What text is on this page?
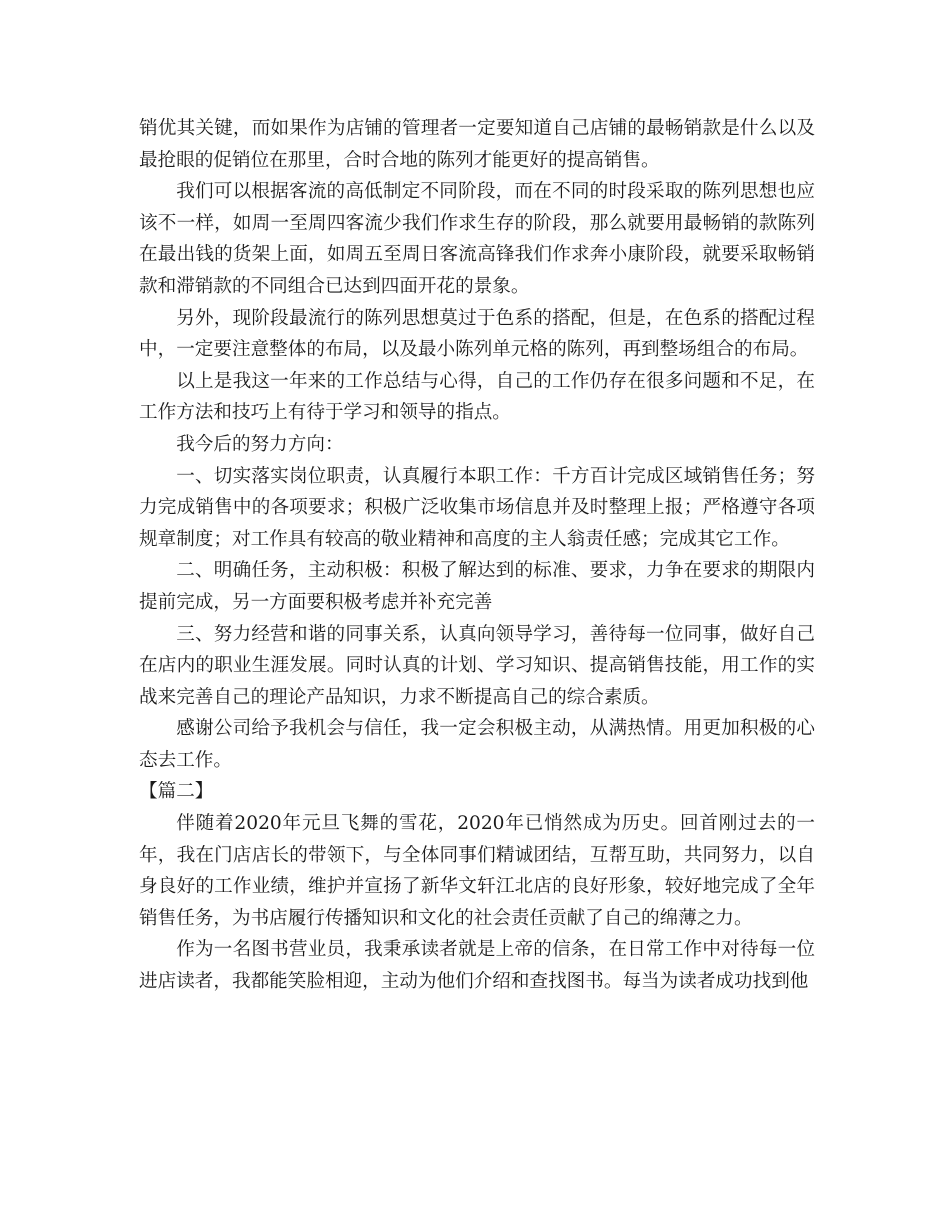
销优其关键，而如果作为店铺的管理者一定要知道自己店铺的最畅销款是什么以及最抢眼的促销位在那里，合时合地的陈列才能更好的提高销售。

我们可以根据客流的高低制定不同阶段，而在不同的时段采取的陈列思想也应该不一样，如周一至周四客流少我们作求生存的阶段，那么就要用最畅销的款陈列在最出钱的货架上面，如周五至周日客流高锋我们作求奔小康阶段，就要采取畅销款和滞销款的不同组合已达到四面开花的景象。

另外，现阶段最流行的陈列思想莫过于色系的搭配，但是，在色系的搭配过程中，一定要注意整体的布局，以及最小陈列单元格的陈列，再到整场组合的布局。

以上是我这一年来的工作总结与心得，自己的工作仍存在很多问题和不足，在工作方法和技巧上有待于学习和领导的指点。

我今后的努力方向：

一、切实落实岗位职责，认真履行本职工作：千方百计完成区域销售任务；努力完成销售中的各项要求；积极广泛收集市场信息并及时整理上报；严格遵守各项规章制度；对工作具有较高的敬业精神和高度的主人翁责任感；完成其它工作。

二、明确任务，主动积极：积极了解达到的标准、要求，力争在要求的期限内提前完成，另一方面要积极考虑并补充完善

三、努力经营和谐的同事关系，认真向领导学习，善待每一位同事，做好自己在店内的职业生涯发展。同时认真的计划、学习知识、提高销售技能，用工作的实战来完善自己的理论产品知识，力求不断提高自己的综合素质。

感谢公司给予我机会与信任，我一定会积极主动，从满热情。用更加积极的心态去工作。

【篇二】

伴随着2020年元旦飞舞的雪花，2020年已悄然成为历史。回首刚过去的一年，我在门店店长的带领下，与全体同事们精诚团结，互帮互助，共同努力，以自身良好的工作业绩，维护并宣扬了新华文轩江北店的良好形象，较好地完成了全年销售任务，为书店履行传播知识和文化的社会责任贡献了自己的绵薄之力。

作为一名图书营业员，我秉承读者就是上帝的信条，在日常工作中对待每一位进店读者，我都能笑脸相迎，主动为他们介绍和查找图书。每当为读者成功找到他
